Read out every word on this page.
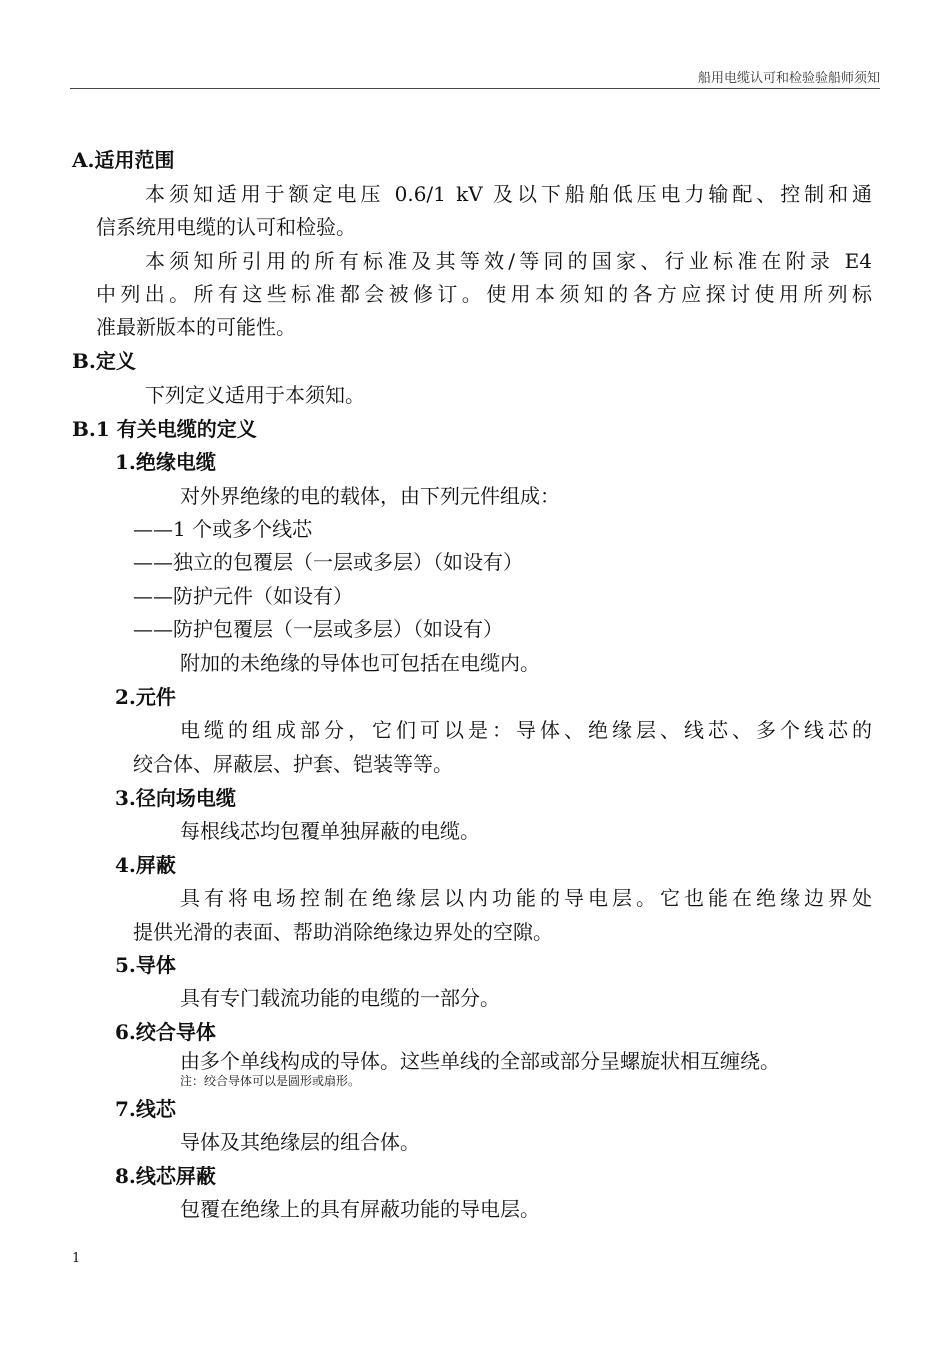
船用电缆认可和检验验船师须知
A.适用范围
本须知适用于额定电压 0.6/1 kV 及以下船舶低压电力输配、控制和通
信系统用电缆的认可和检验。
本须知所引用的所有标准及其等效/等同的国家、行业标准在附录 E4
中列出。所有这些标准都会被修订。使用本须知的各方应探讨使用所列标
准最新版本的可能性。
B.定义
下列定义适用于本须知。
B.1 有关电缆的定义
1.绝缘电缆
对外界绝缘的电的载体，由下列元件组成：
——1 个或多个线芯
——独立的包覆层（一层或多层）（如设有）
——防护元件（如设有）
——防护包覆层（一层或多层）（如设有）
附加的未绝缘的导体也可包括在电缆内。
2.元件
电缆的组成部分，它们可以是：导体、绝缘层、线芯、多个线芯的
绞合体、屏蔽层、护套、铠装等等。
3.径向场电缆
每根线芯均包覆单独屏蔽的电缆。
4.屏蔽
具有将电场控制在绝缘层以内功能的导电层。它也能在绝缘边界处
提供光滑的表面、帮助消除绝缘边界处的空隙。
5.导体
具有专门载流功能的电缆的一部分。
6.绞合导体
由多个单线构成的导体。这些单线的全部或部分呈螺旋状相互缠绕。
注：绞合导体可以是圆形或扇形。
7.线芯
导体及其绝缘层的组合体。
8.线芯屏蔽
包覆在绝缘上的具有屏蔽功能的导电层。
1
